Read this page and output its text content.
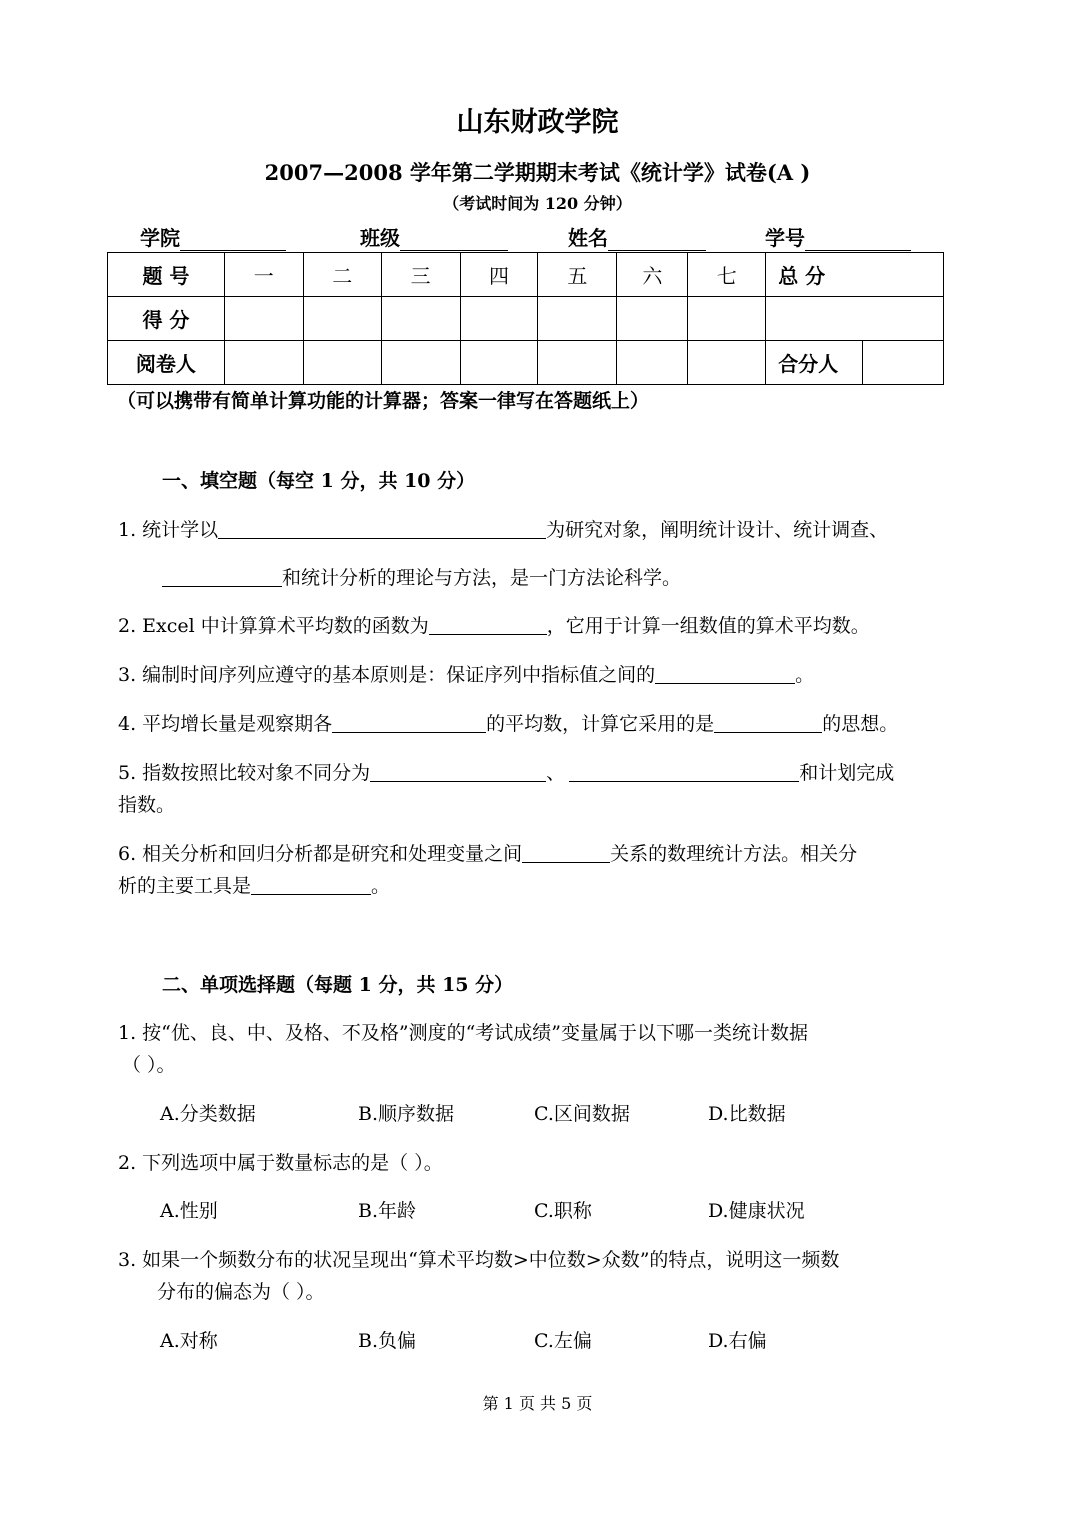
山东财政学院
2007—2008 学年第二学期期末考试《统计学》试卷(A )
（考试时间为 120 分钟）
学院	班级	姓名	学号
题 号	一	二	三	四	五	六	七	总 分	
得 分									
阅卷人								合分人	
（可以携带有简单计算功能的计算器；答案一律写在答题纸上）
一、填空题（每空 1 分，共 10 分）
1. 统计学以	为研究对象，阐明统计设计、统计调查、
和统计分析的理论与方法，是一门方法论科学。
2. Excel 中计算算术平均数的函数为	，它用于计算一组数值的算术平均数。
3. 编制时间序列应遵守的基本原则是：保证序列中指标值之间的	。
4. 平均增长量是观察期各	的平均数，计算它采用的是	的思想。
5. 指数按照比较对象不同分为	、	和计划完成
指数。
6. 相关分析和回归分析都是研究和处理变量之间	关系的数理统计方法。相关分
析的主要工具是	。
二、单项选择题（每题 1 分，共 15 分）
1. 按“优、良、中、及格、不及格”测度的“考试成绩”变量属于以下哪一类统计数据
（ ）。
A.分类数据	B.顺序数据	C.区间数据	D.比数据
2. 下列选项中属于数量标志的是（ ）。
A.性别	B.年龄	C.职称	D.健康状况
3. 如果一个频数分布的状况呈现出“算术平均数>中位数>众数”的特点，说明这一频数
分布的偏态为（ ）。
A.对称	B.负偏	C.左偏	D.右偏
第 1 页 共 5 页
